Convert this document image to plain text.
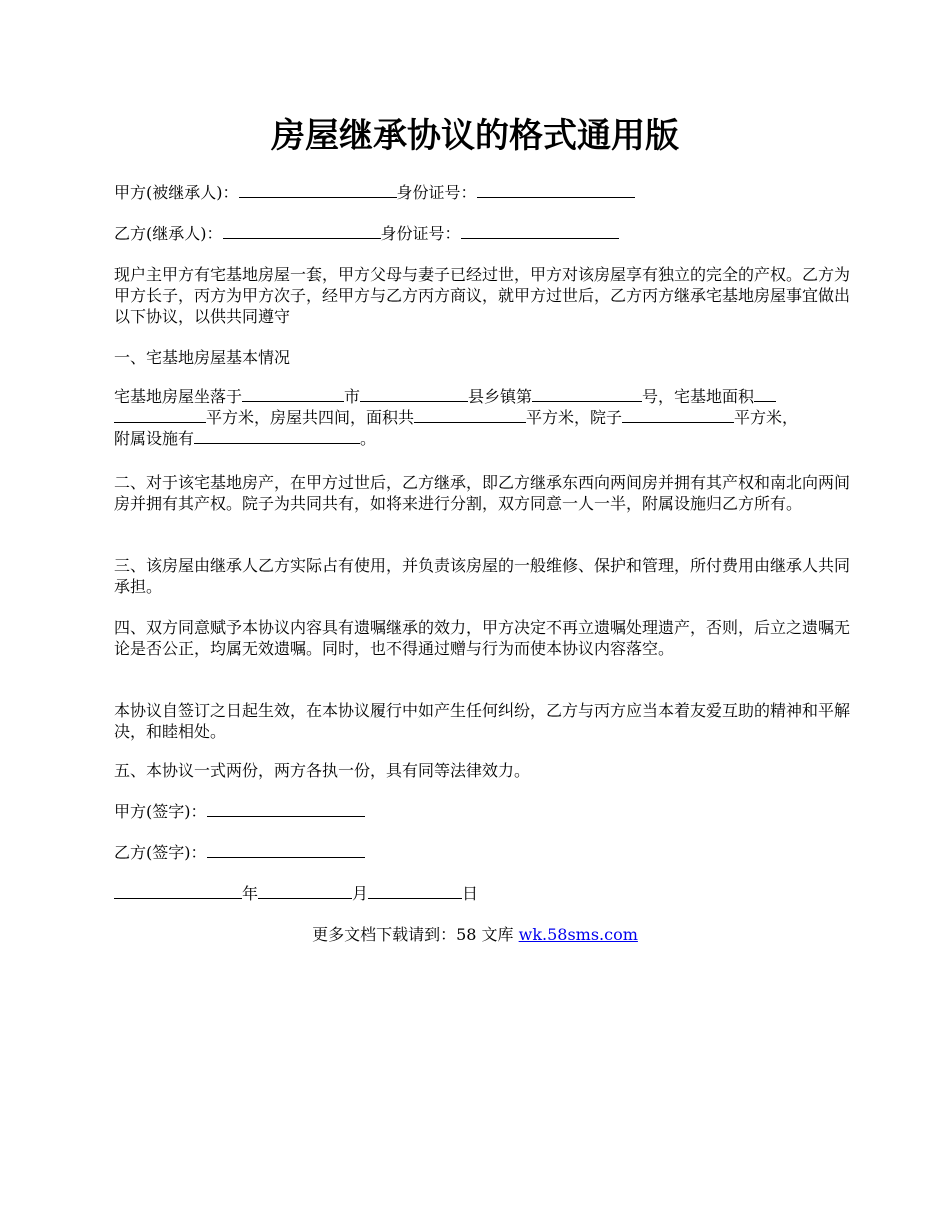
房屋继承协议的格式通用版
甲方(被继承人)：	身份证号：
乙方(继承人)：	身份证号：
现户主甲方有宅基地房屋一套，甲方父母与妻子已经过世，甲方对该房屋享有独立的完全的产权。乙方为甲方长子，丙方为甲方次子，经甲方与乙方丙方商议，就甲方过世后，乙方丙方继承宅基地房屋事宜做出以下协议，以供共同遵守
一、宅基地房屋基本情况
宅基地房屋坐落于	市	县乡镇第	号，宅基地面积
平方米，房屋共四间，面积共	平方米，院子	平方米，
附属设施有	。
二、对于该宅基地房产，在甲方过世后，乙方继承，即乙方继承东西向两间房并拥有其产权和南北向两间房并拥有其产权。院子为共同共有，如将来进行分割，双方同意一人一半，附属设施归乙方所有。
三、该房屋由继承人乙方实际占有使用，并负责该房屋的一般维修、保护和管理，所付费用由继承人共同承担。
四、双方同意赋予本协议内容具有遗嘱继承的效力，甲方决定不再立遗嘱处理遗产，否则，后立之遗嘱无论是否公正，均属无效遗嘱。同时，也不得通过赠与行为而使本协议内容落空。
本协议自签订之日起生效，在本协议履行中如产生任何纠纷，乙方与丙方应当本着友爱互助的精神和平解决，和睦相处。
五、本协议一式两份，两方各执一份，具有同等法律效力。
甲方(签字)：
乙方(签字)：
年	月	日
更多文档下载请到：58 文库 wk.58sms.com
